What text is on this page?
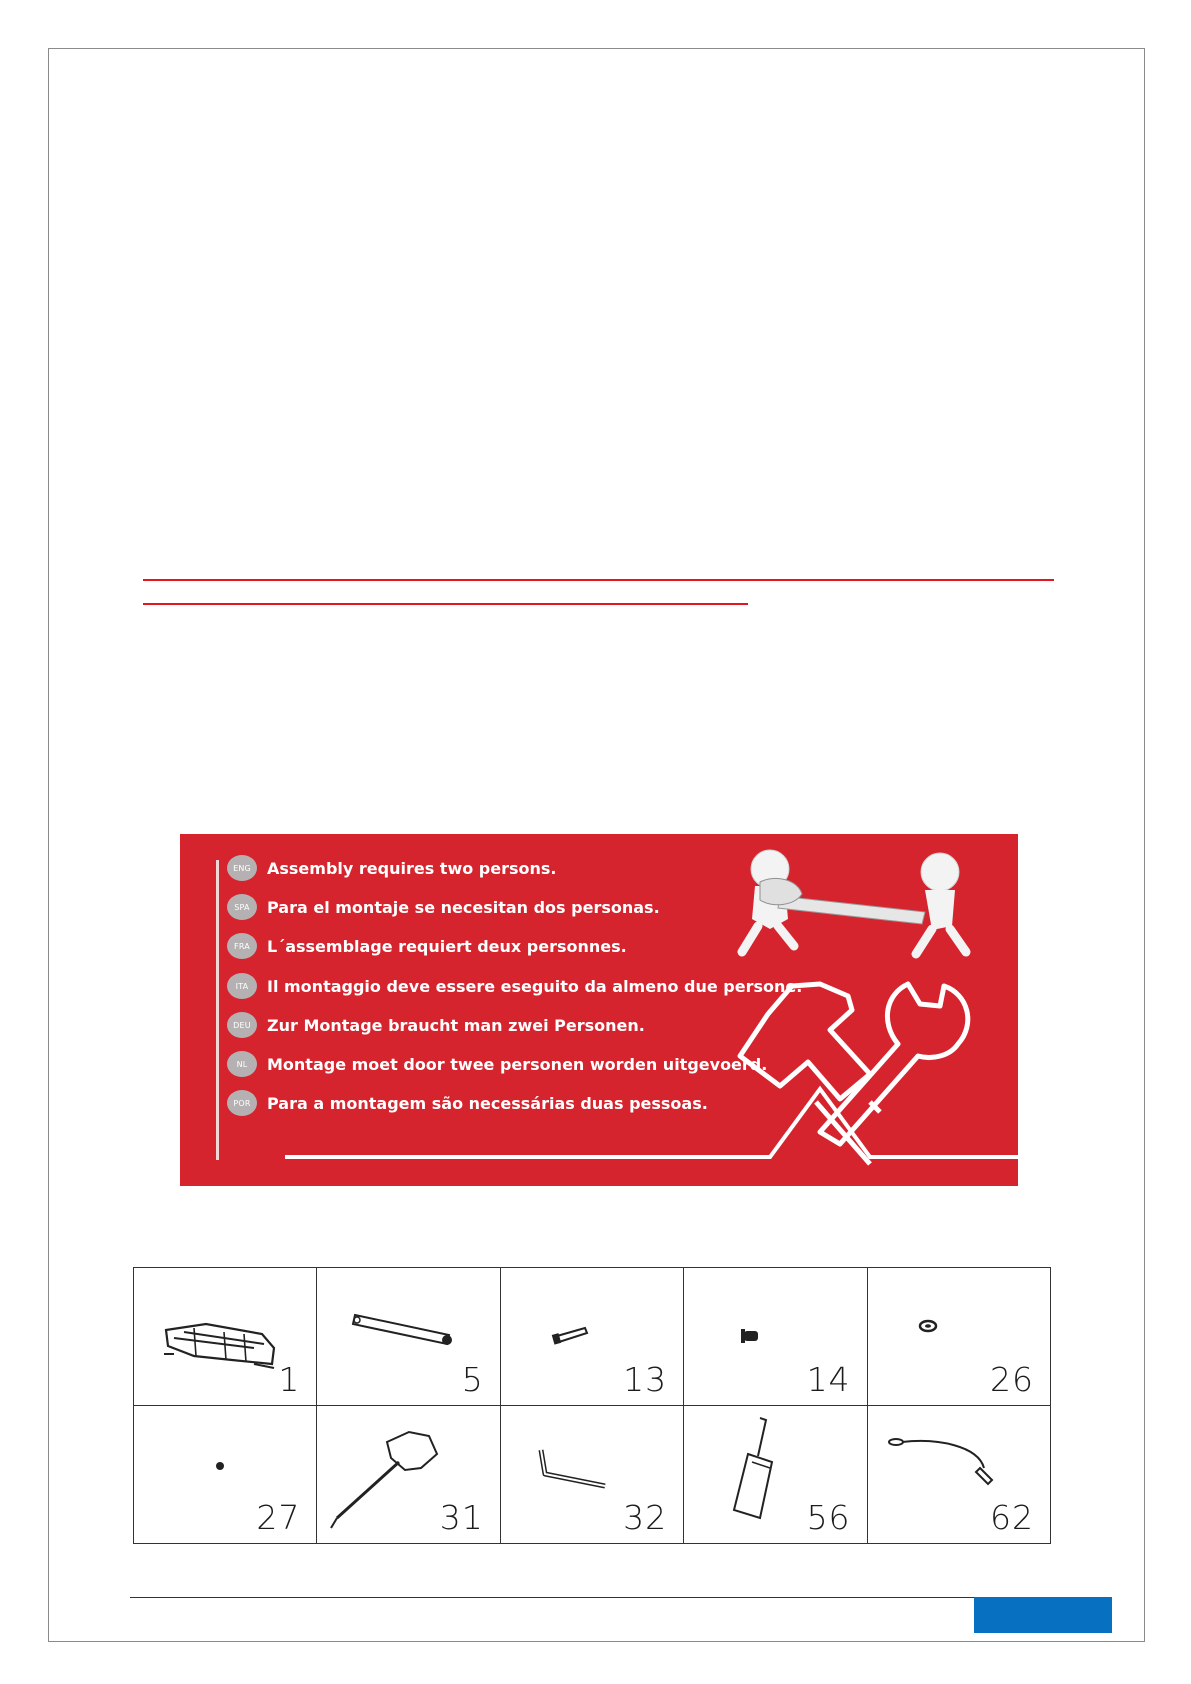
ENG	Assembly requires two persons.
SPA	Para el montaje se necesitan dos personas.
FRA	L´assemblage requiert deux personnes.
ITA	Il montaggio deve essere eseguito da almeno due persone.
DEU	Zur Montage braucht man zwei Personen.
NL	Montage moet door twee personen worden uitgevoerd.
POR	Para a montagem são necessárias duas pessoas.
1	5	13	14	26

27	31	32	56	62
